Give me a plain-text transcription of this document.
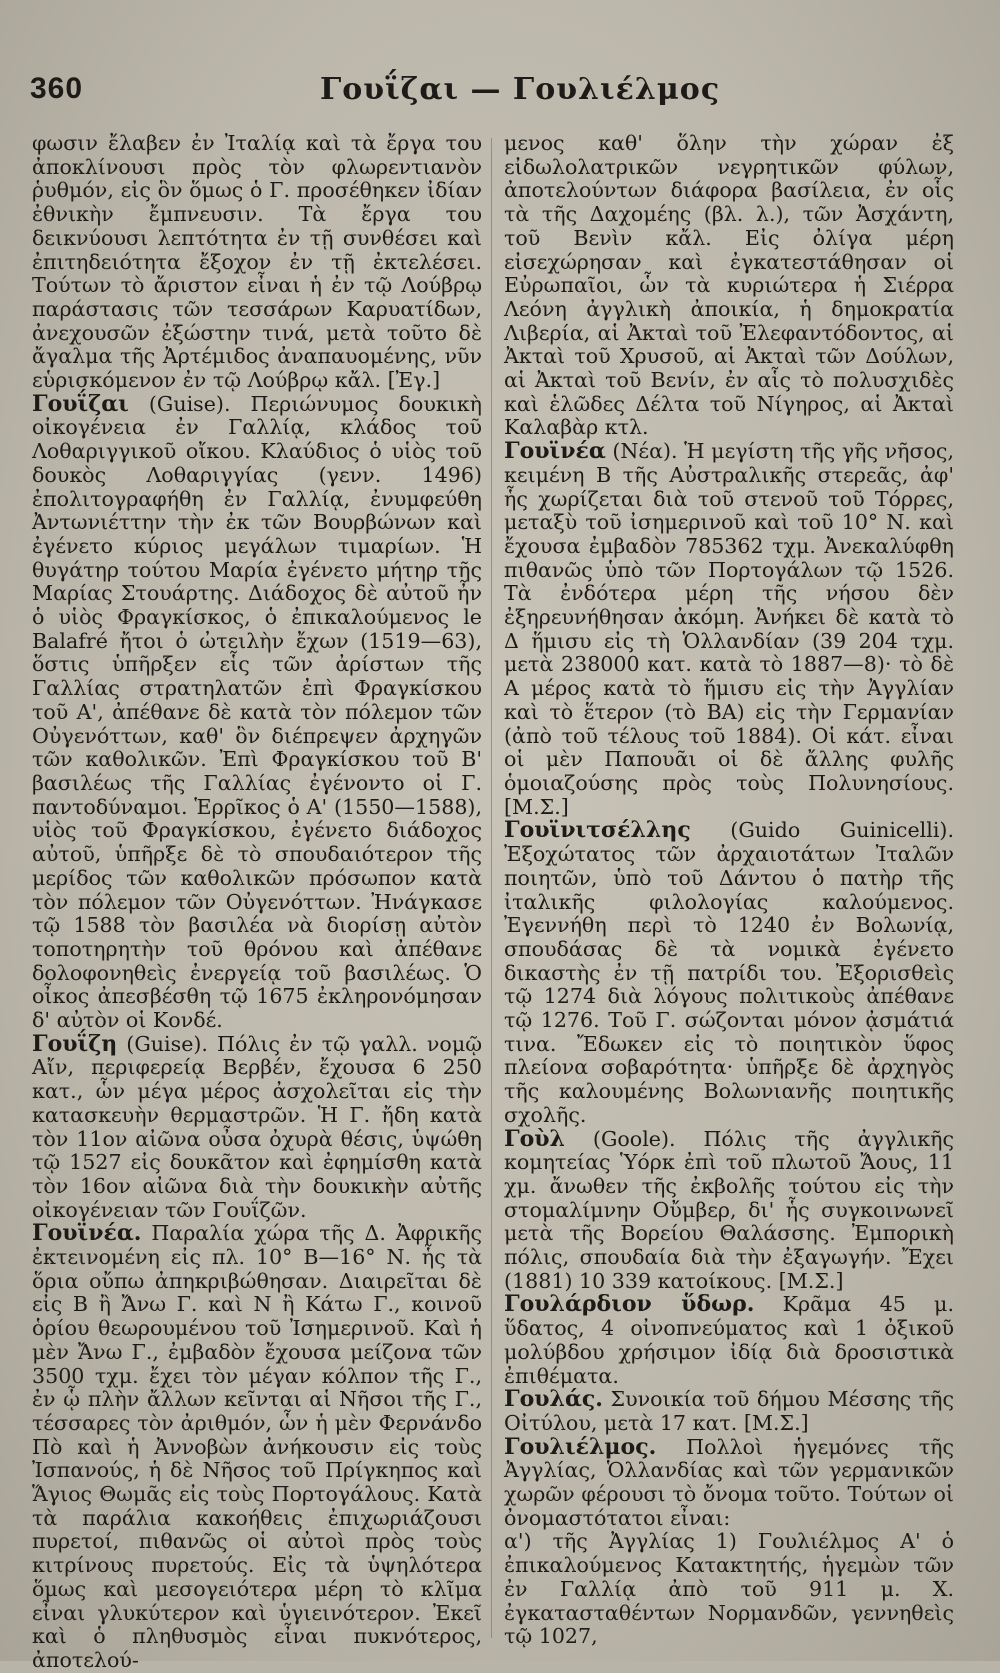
360	Γουΐζαι — Γουλιέλμος

φωσιν ἔλαβεν ἐν Ἰταλίᾳ καὶ τὰ ἔργα του ἀποκλίνουσι πρὸς τὸν φλωρεντιανὸν ῥυθμόν, εἰς ὃν ὅμως ὁ Γ. προσέθηκεν ἰδίαν ἐθνικὴν ἔμπνευσιν. Τὰ ἔργα του δεικνύουσι λεπτότητα ἐν τῇ συνθέσει καὶ ἐπιτηδειότητα ἔξοχον ἐν τῇ ἐκτελέσει. Τούτων τὸ ἄριστον εἶναι ἡ ἐν τῷ Λούβρῳ παράστασις τῶν τεσσάρων Καρυατίδων, ἀνεχουσῶν ἐξώστην τινά, μετὰ τοῦτο δὲ ἄγαλμα τῆς Ἀρτέμιδος ἀναπαυομένης, νῦν εὑρισκόμενον ἐν τῷ Λούβρῳ κἄλ. [Ἐγ.]

Γουΐζαι (Guise). Περιώνυμος δουκικὴ οἰκογένεια ἐν Γαλλίᾳ, κλάδος τοῦ Λοθαριγγικοῦ οἴκου. Κλαύδιος ὁ υἱὸς τοῦ δουκὸς Λοθαριγγίας (γενν. 1496) ἐπολιτογραφήθη ἐν Γαλλίᾳ, ἐνυμφεύθη Ἀντωνιέττην τὴν ἐκ τῶν Βουρβώνων καὶ ἐγένετο κύριος μεγάλων τιμαρίων. Ἡ θυγάτηρ τούτου Μαρία ἐγένετο μήτηρ τῆς Μαρίας Στουάρτης. Διάδοχος δὲ αὐτοῦ ἦν ὁ υἱὸς Φραγκίσκος, ὁ ἐπικαλούμενος le Balafré ἤτοι ὁ ὠτειλὴν ἔχων (1519—63), ὅστις ὑπῆρξεν εἷς τῶν ἀρίστων τῆς Γαλλίας στρατηλατῶν ἐπὶ Φραγκίσκου τοῦ Α', ἀπέθανε δὲ κατὰ τὸν πόλεμον τῶν Οὐγενόττων, καθ' ὃν διέπρεψεν ἀρχηγῶν τῶν καθολικῶν. Ἐπὶ Φραγκίσκου τοῦ Β' βασιλέως τῆς Γαλλίας ἐγένοντο οἱ Γ. παντοδύναμοι. Ἑρρῖκος ὁ Α' (1550—1588), υἱὸς τοῦ Φραγκίσκου, ἐγένετο διάδοχος αὐτοῦ, ὑπῆρξε δὲ τὸ σπουδαιότερον τῆς μερίδος τῶν καθολικῶν πρόσωπον κατὰ τὸν πόλεμον τῶν Οὐγενόττων. Ἠνάγκασε τῷ 1588 τὸν βασιλέα νὰ διορίσῃ αὐτὸν τοποτηρητὴν τοῦ θρόνου καὶ ἀπέθανε δολοφονηθεὶς ἐνεργείᾳ τοῦ βασιλέως. Ὁ οἶκος ἀπεσβέσθη τῷ 1675 ἐκληρονόμησαν δ' αὐτὸν οἱ Κονδέ.

Γουΐζη (Guise). Πόλις ἐν τῷ γαλλ. νομῷ Αἴν, περιφερείᾳ Βερβέν, ἔχουσα 6 250 κατ., ὧν μέγα μέρος ἀσχολεῖται εἰς τὴν κατασκευὴν θερμαστρῶν. Ἡ Γ. ἤδη κατὰ τὸν 11ον αἰῶνα οὖσα ὀχυρὰ θέσις, ὑψώθη τῷ 1527 εἰς δουκᾶτον καὶ ἐφημίσθη κατὰ τὸν 16ον αἰῶνα διὰ τὴν δουκικὴν αὐτῆς οἰκογένειαν τῶν Γουΐζῶν.

Γουϊνέα. Παραλία χώρα τῆς Δ. Ἀφρικῆς ἐκτεινομένη εἰς πλ. 10° Β—16° Ν. ἧς τὰ ὅρια οὔπω ἀπηκριβώθησαν. Διαιρεῖται δὲ εἰς Β ἢ Ἄνω Γ. καὶ Ν ἢ Κάτω Γ., κοινοῦ ὁρίου θεωρουμένου τοῦ Ἰσημερινοῦ. Καὶ ἡ μὲν Ἄνω Γ., ἐμβαδὸν ἔχουσα μείζονα τῶν 3500 τχμ. ἔχει τὸν μέγαν κόλπον τῆς Γ., ἐν ᾧ πλὴν ἄλλων κεῖνται αἱ Νῆσοι τῆς Γ., τέσσαρες τὸν ἀριθμόν, ὧν ἡ μὲν Φερνάνδο Πὸ καὶ ἡ Ἀννοβὼν ἀνήκουσιν εἰς τοὺς Ἰσπανούς, ἡ δὲ Νῆσος τοῦ Πρίγκηπος καὶ Ἅγιος Θωμᾶς εἰς τοὺς Πορτογάλους. Κατὰ τὰ παράλια κακοήθεις ἐπιχωριάζουσι πυρετοί, πιθανῶς οἱ αὐτοὶ πρὸς τοὺς κιτρίνους πυρετούς. Εἰς τὰ ὑψηλότερα ὅμως καὶ μεσογειότερα μέρη τὸ κλῖμα εἶναι γλυκύτερον καὶ ὑγιεινότερον. Ἐκεῖ καὶ ὁ πληθυσμὸς εἶναι πυκνότερος, ἀποτελού-

μενος καθ' ὅλην τὴν χώραν ἐξ εἰδωλολατρικῶν νεγρητικῶν φύλων, ἀποτελούντων διάφορα βασίλεια, ἐν οἷς τὰ τῆς Δαχομέης (βλ. λ.), τῶν Ἀσχάντη, τοῦ Βενὶν κἄλ. Εἰς ὀλίγα μέρη εἰσεχώρησαν καὶ ἐγκατεστάθησαν οἱ Εὐρωπαῖοι, ὧν τὰ κυριώτερα ἡ Σιέρρα Λεόνη ἀγγλικὴ ἀποικία, ἡ δημοκρατία Λιβερία, αἱ Ἀκταὶ τοῦ Ἐλεφαντόδοντος, αἱ Ἀκταὶ τοῦ Χρυσοῦ, αἱ Ἀκταὶ τῶν Δούλων, αἱ Ἀκταὶ τοῦ Βενίν, ἐν αἷς τὸ πολυσχιδὲς καὶ ἑλῶδες Δέλτα τοῦ Νίγηρος, αἱ Ἀκταὶ Καλαβὰρ κτλ.

Γουϊνέα (Νέα). Ἡ μεγίστη τῆς γῆς νῆσος, κειμένη Β τῆς Αὐστραλικῆς στερεᾶς, ἀφ' ἧς χωρίζεται διὰ τοῦ στενοῦ τοῦ Τόρρες, μεταξὺ τοῦ ἰσημερινοῦ καὶ τοῦ 10° Ν. καὶ ἔχουσα ἐμβαδὸν 785362 τχμ. Ἀνεκαλύφθη πιθανῶς ὑπὸ τῶν Πορτογάλων τῷ 1526. Τὰ ἐνδότερα μέρη τῆς νήσου δὲν ἐξηρευνήθησαν ἀκόμη. Ἀνήκει δὲ κατὰ τὸ Δ ἥμισυ εἰς τὴ Ὁλλανδίαν (39 204 τχμ. μετὰ 238000 κατ. κατὰ τὸ 1887—8)· τὸ δὲ Α μέρος κατὰ τὸ ἥμισυ εἰς τὴν Ἀγγλίαν καὶ τὸ ἕτερον (τὸ ΒΑ) εἰς τὴν Γερμανίαν (ἀπὸ τοῦ τέλους τοῦ 1884). Οἱ κάτ. εἶναι οἱ μὲν Παπουᾶι οἱ δὲ ἄλλης φυλῆς ὁμοιαζούσης πρὸς τοὺς Πολυνησίους.[Μ.Σ.]

Γουϊνιτσέλλης (Guido Guinicelli). Ἐξοχώτατος τῶν ἀρχαιοτάτων Ἰταλῶν ποιητῶν, ὑπὸ τοῦ Δάντου ὁ πατὴρ τῆς ἰταλικῆς φιλολογίας καλούμενος. Ἐγεννήθη περὶ τὸ 1240 ἐν Βολωνίᾳ, σπουδάσας δὲ τὰ νομικὰ ἐγένετο δικαστὴς ἐν τῇ πατρίδι του. Ἐξορισθεὶς τῷ 1274 διὰ λόγους πολιτικοὺς ἀπέθανε τῷ 1276. Τοῦ Γ. σώζονται μόνον ᾀσμάτιά τινα. Ἔδωκεν εἰς τὸ ποιητικὸν ὕφος πλείονα σοβαρότητα· ὑπῆρξε δὲ ἀρχηγὸς τῆς καλουμένης Βολωνιανῆς ποιητικῆς σχολῆς.

Γοὺλ (Goole). Πόλις τῆς ἀγγλικῆς κομητείας Ὑόρκ ἐπὶ τοῦ πλωτοῦ Ἄους, 11 χμ. ἄνωθεν τῆς ἐκβολῆς τούτου εἰς τὴν στομαλίμνην Οὔμβερ, δι' ἧς συγκοινωνεῖ μετὰ τῆς Βορείου Θαλάσσης. Ἐμπορικὴ πόλις, σπουδαία διὰ τὴν ἐξαγωγήν. Ἔχει (1881) 10 339 κατοίκους. [Μ.Σ.]

Γουλάρδιον ὕδωρ. Κρᾶμα 45 μ. ὕδατος, 4 οἰνοπνεύματος καὶ 1 ὀξικοῦ μολύβδου χρήσιμον ἰδίᾳ διὰ δροσιστικὰ ἐπιθέματα.

Γουλάς. Συνοικία τοῦ δήμου Μέσσης τῆς Οἰτύλου, μετὰ 17 κατ. [Μ.Σ.]

Γουλιέλμος. Πολλοὶ ἡγεμόνες τῆς Ἀγγλίας, Ὁλλανδίας καὶ τῶν γερμανικῶν χωρῶν φέρουσι τὸ ὄνομα τοῦτο. Τούτων οἱ ὀνομαστότατοι εἶναι:

α') τῆς Ἀγγλίας 1) Γουλιέλμος Α' ὁ ἐπικαλούμενος Κατακτητής, ἡγεμὼν τῶν ἐν Γαλλίᾳ ἀπὸ τοῦ 911 μ. Χ. ἐγκατασταθέντων Νορμανδῶν, γεννηθεὶς τῷ 1027,
